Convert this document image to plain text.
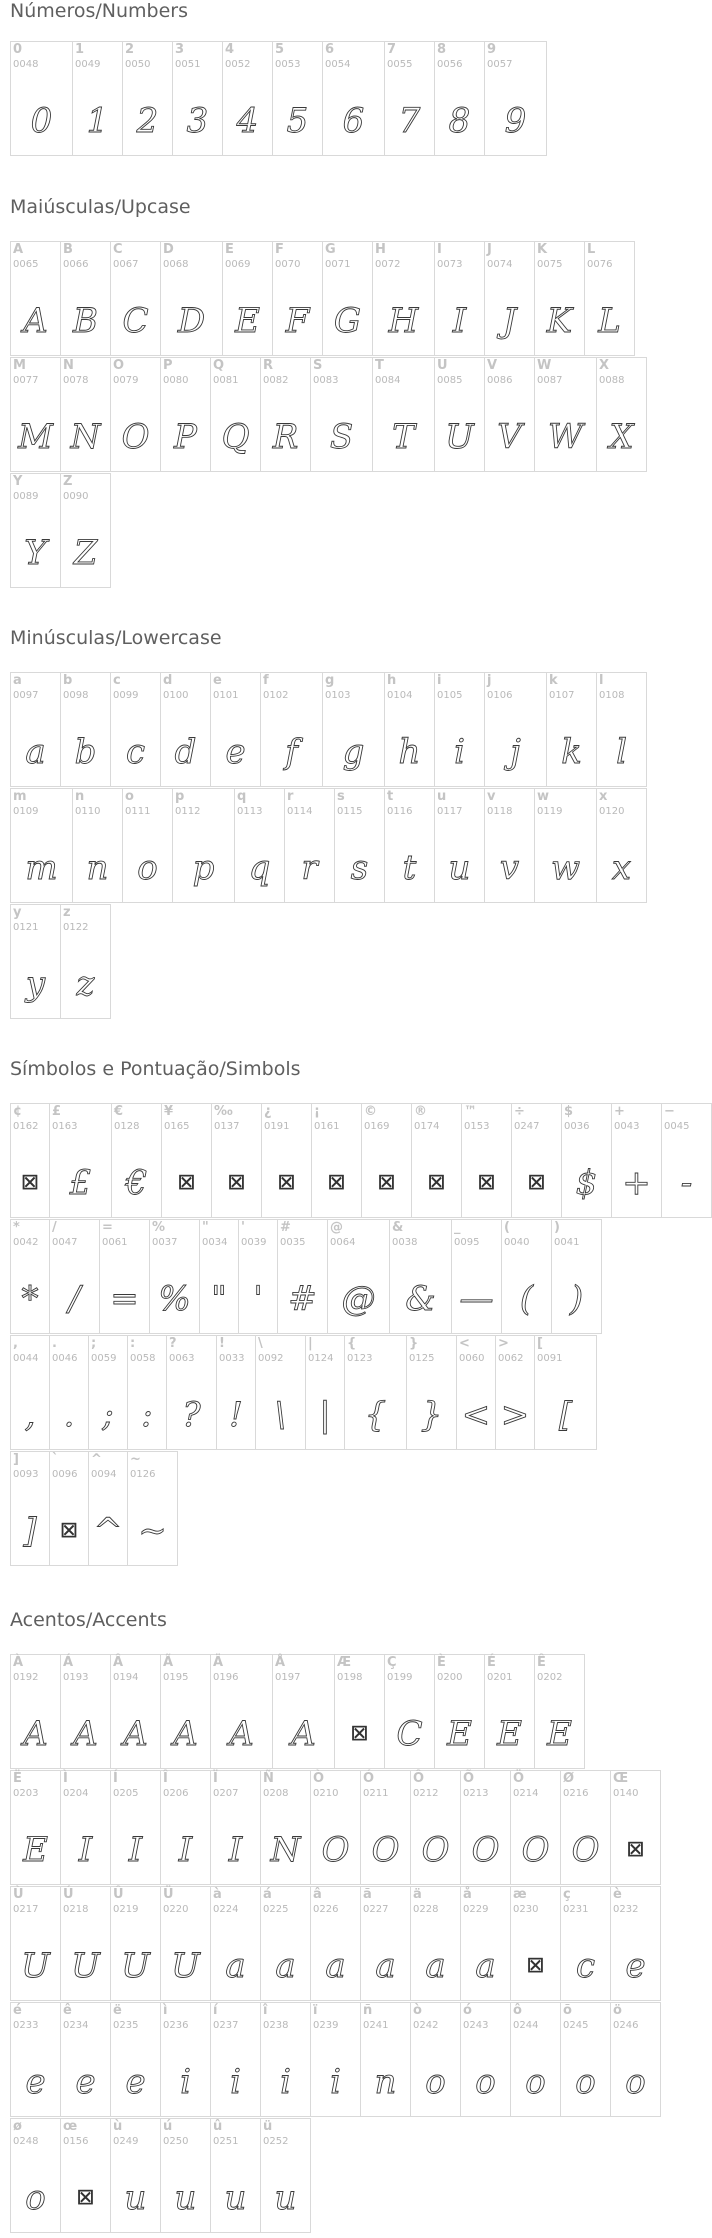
Números/Numbers
0
0048
0
1
0049
1
2
0050
2
3
0051
3
4
0052
4
5
0053
5
6
0054
6
7
0055
7
8
0056
8
9
0057
9
Maiúsculas/Upcase
A
0065
A
B
0066
B
C
0067
C
D
0068
D
E
0069
E
F
0070
F
G
0071
G
H
0072
H
I
0073
I
J
0074
J
K
0075
K
L
0076
L
M
0077
M
N
0078
N
O
0079
O
P
0080
P
Q
0081
Q
R
0082
R
S
0083
S
T
0084
T
U
0085
U
V
0086
V
W
0087
W
X
0088
X
Y
0089
Y
Z
0090
Z
Minúsculas/Lowercase
a
0097
a
b
0098
b
c
0099
c
d
0100
d
e
0101
e
f
0102
f
g
0103
g
h
0104
h
i
0105
i
j
0106
j
k
0107
k
l
0108
l
m
0109
m
n
0110
n
o
0111
o
p
0112
p
q
0113
q
r
0114
r
s
0115
s
t
0116
t
u
0117
u
v
0118
v
w
0119
w
x
0120
x
y
0121
y
z
0122
z
Símbolos e Pontuação/Simbols
¢
0162
⊠
£
0163
£
€
0128
€
¥
0165
⊠
‰
0137
⊠
¿
0191
⊠
¡
0161
⊠
©
0169
⊠
®
0174
⊠
™
0153
⊠
÷
0247
⊠
$
0036
$
+
0043
+
−
0045
-
*
0042
*
/
0047
/
=
0061
=
%
0037
%
"
0034
"
'
0039
'
#
0035
#
@
0064
@
&
0038
&
_
0095
—
(
0040
(
)
0041
)
,
0044
,
.
0046
.
;
0059
;
:
0058
:
?
0063
?
!
0033
!
\
0092
\
|
0124
|
{
0123
{
}
0125
}
<
0060
<
>
0062
>
[
0091
[
]
0093
]
`
0096
⊠
^
0094
^
~
0126
~
Acentos/Accents
À
0192
A
Á
0193
A
Â
0194
A
Ã
0195
A
Ä
0196
A
Å
0197
A
Æ
0198
⊠
Ç
0199
C
È
0200
E
É
0201
E
Ê
0202
E
Ë
0203
E
Ì
0204
I
Í
0205
I
Î
0206
I
Ï
0207
I
Ñ
0208
N
Ò
0210
O
Ó
0211
O
Ô
0212
O
Õ
0213
O
Ö
0214
O
Ø
0216
O
Œ
0140
⊠
Ù
0217
U
Ú
0218
U
Û
0219
U
Ü
0220
U
à
0224
a
á
0225
a
â
0226
a
ã
0227
a
ä
0228
a
å
0229
a
æ
0230
⊠
ç
0231
c
è
0232
e
é
0233
e
ê
0234
e
ë
0235
e
ì
0236
i
í
0237
i
î
0238
i
ï
0239
i
ñ
0241
n
ò
0242
o
ó
0243
o
ô
0244
o
õ
0245
o
ö
0246
o
ø
0248
o
œ
0156
⊠
ù
0249
u
ú
0250
u
û
0251
u
ü
0252
u
